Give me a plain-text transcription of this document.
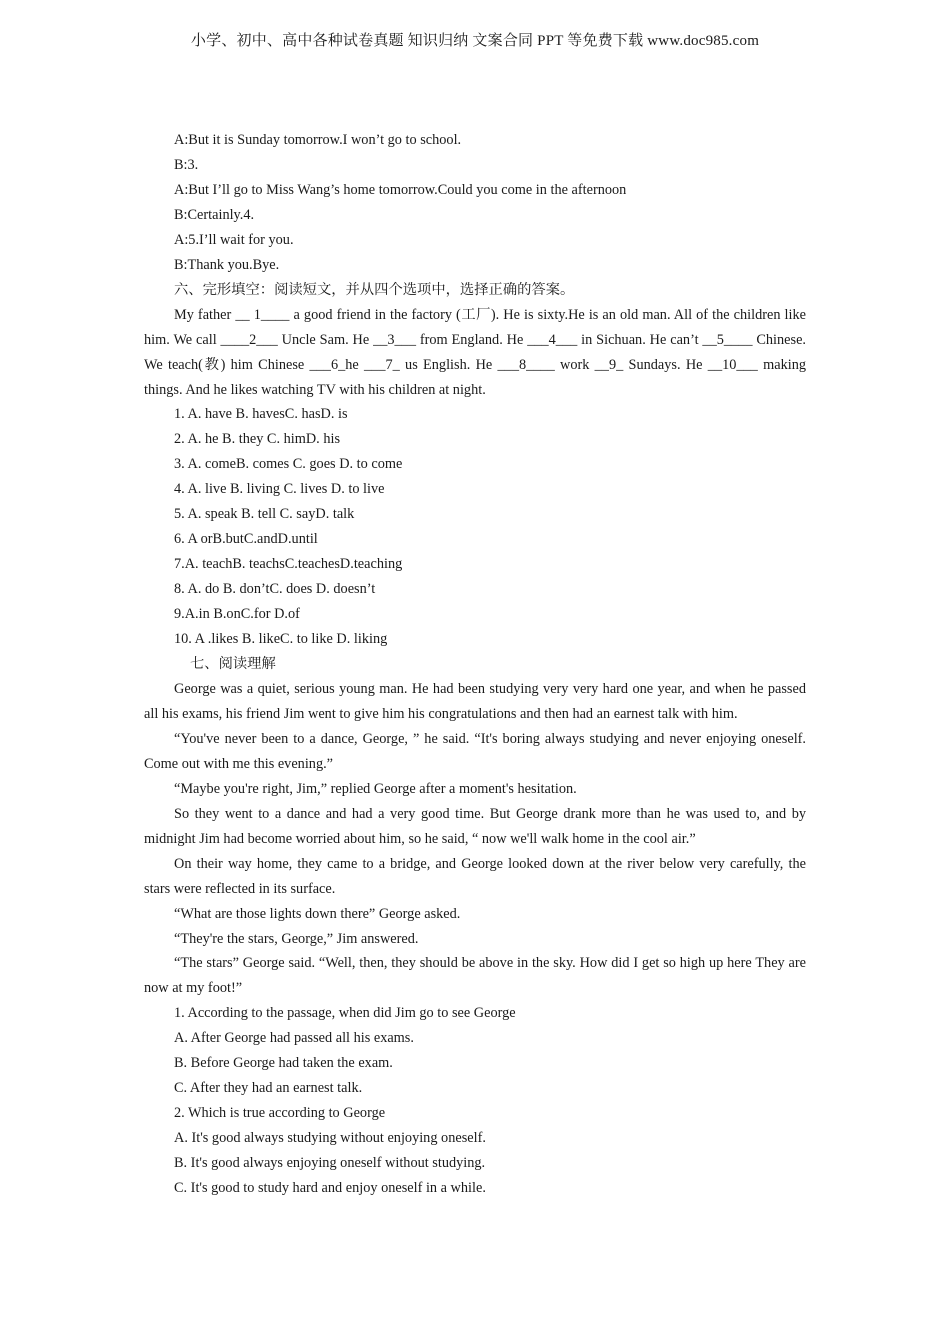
小学、初中、高中各种试卷真题 知识归纳 文案合同 PPT 等免费下载 www.doc985.com

A:But it is Sunday tomorrow.I won’t go to school.

B:3.

A:But I’ll go to Miss Wang’s home tomorrow.Could you come in the afternoon

B:Certainly.4.

A:5.I’ll wait for you.

B:Thank you.Bye.

六、完形填空：阅读短文，并从四个选项中，选择正确的答案。

My father __ 1____ a good friend in the factory (工厂). He is sixty.He is an old man. All of the children like him. We call ____2___ Uncle Sam. He __3___ from England. He ___4___ in Sichuan. He can’t __5____ Chinese. We teach(教) him Chinese ___6_he ___7_ us English. He ___8____ work __9_ Sundays. He __10___ making things. And he likes watching TV with his children at night.

1. A. have B. havesC. hasD. is

2. A. he B. they C. himD. his

3. A. comeB. comes C. goes D. to come

4. A. live B. living C. lives D. to live

5. A. speak B. tell C. sayD. talk

6. A orB.butC.andD.until

7.A. teachB. teachsC.teachesD.teaching

8. A. do B. don’tC. does D. doesn’t

9.A.in B.onC.for D.of

10. A .likes B. likeC. to like D. liking

七、阅读理解

George was a quiet, serious young man. He had been studying very very hard one year, and when he passed all his exams, his friend Jim went to give him his congratulations and then had an earnest talk with him.

“You've never been to a dance, George, ” he said. “It's boring always studying and never enjoying oneself. Come out with me this evening.”

“Maybe you're right, Jim,” replied George after a moment's hesitation.

So they went to a dance and had a very good time. But George drank more than he was used to, and by midnight Jim had become worried about him, so he said, “ now we'll walk home in the cool air.”

On their way home, they came to a bridge, and George looked down at the river below very carefully, the stars were reflected in its surface.

“What are those lights down there” George asked.

“They're the stars, George,” Jim answered.

“The stars” George said. “Well, then, they should be above in the sky. How did I get so high up here They are now at my foot!”

1. According to the passage, when did Jim go to see George

A. After George had passed all his exams.

B. Before George had taken the exam.

C. After they had an earnest talk.

2. Which is true according to George

A. It's good always studying without enjoying oneself.

B. It's good always enjoying oneself without studying.

C. It's good to study hard and enjoy oneself in a while.
